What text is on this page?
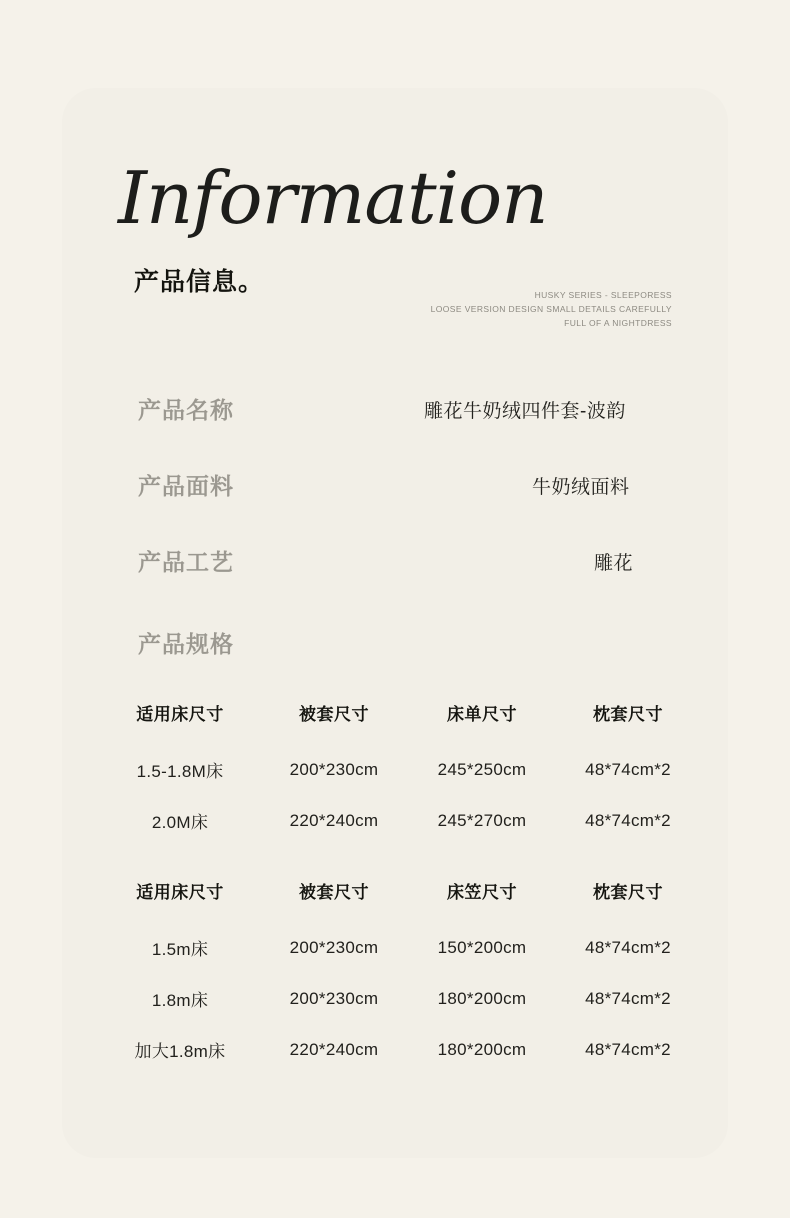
Information
产品信息。	HUSKY SERIES - SLEEPORESS
LOOSE VERSION DESIGN SMALL DETAILS CAREFULLY
FULL OF A NIGHTDRESS
产品名称	雕花牛奶绒四件套-波韵
产品面料	牛奶绒面料
产品工艺	雕花
产品规格
适用床尺寸	被套尺寸	床单尺寸	枕套尺寸
1.5-1.8M床	200*230cm	245*250cm	48*74cm*2
2.0M床	220*240cm	245*270cm	48*74cm*2
适用床尺寸	被套尺寸	床笠尺寸	枕套尺寸
1.5m床	200*230cm	150*200cm	48*74cm*2
1.8m床	200*230cm	180*200cm	48*74cm*2
加大1.8m床	220*240cm	180*200cm	48*74cm*2
